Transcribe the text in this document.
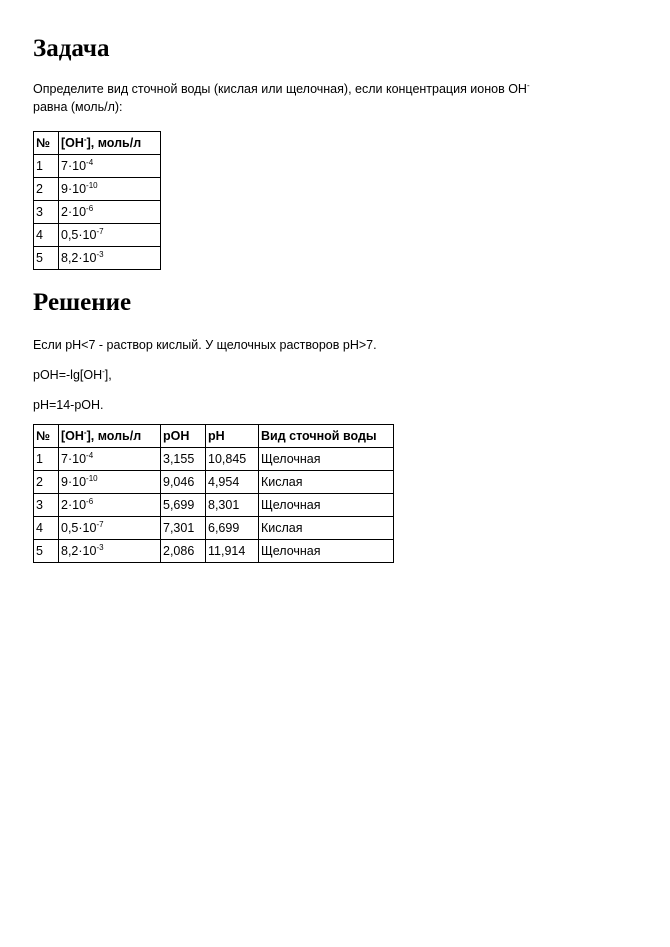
Задача

Определите вид сточной воды (кислая или щелочная), если концентрация ионов OH-

равна (моль/л):

№	[OH-], моль/л
1	$7\cdot 10^{-4}$
2	$9\cdot 10^{-10}$
3	$2\cdot 10^{-6}$
4	$0,5\cdot 10^{-7}$
5	$8,2\cdot 10^{-3}$
Решение

Если pH<7 - раствор кислый. У щелочных растворов pH>7.

pOH=-lg[OH-],

pH=14-pOH.

№	[OH-], моль/л	pOH	pH	Вид сточной воды
1	$7\cdot 10^{-4}$	3,155	10,845	Щелочная
2	$9\cdot 10^{-10}$	9,046	4,954	Кислая
3	$2\cdot 10^{-6}$	5,699	8,301	Щелочная
4	$0,5\cdot 10^{-7}$	7,301	6,699	Кислая
5	$8,2\cdot 10^{-3}$	2,086	11,914	Щелочная
